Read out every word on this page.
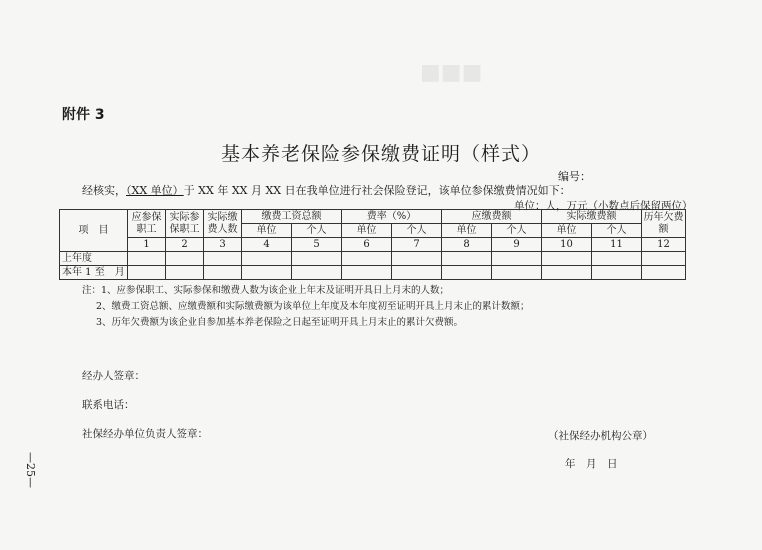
■■■
附件 3
基本养老保险参保缴费证明（样式）
编号：
经核实，（XX 单位）于 XX 年 XX 月 XX 日在我单位进行社会保险登记，该单位参保缴费情况如下：
单位：人，万元（小数点后保留两位）
项　目	应参保职工	实际参保职工	实际缴费人数	缴费工资总额		费率（%）		应缴费额		实际缴费额		历年欠费额
				单位	个人	单位	个人	单位	个人	单位	个人	
	1	2	3	4	5	6	7	8	9	10	11	12
上年度												
本年 1 至　月												
注：1、应参保职工、实际参保和缴费人数为该企业上年末及证明开具日上月末的人数；
2、缴费工资总额、应缴费额和实际缴费额为该单位上年度及本年度初至证明开具上月末止的累计数额；
3、历年欠费额为该企业自参加基本养老保险之日起至证明开具上月末止的累计欠费额。
经办人签章：
联系电话：
社保经办单位负责人签章：	（社保经办机构公章）
年　月　日
—25—
